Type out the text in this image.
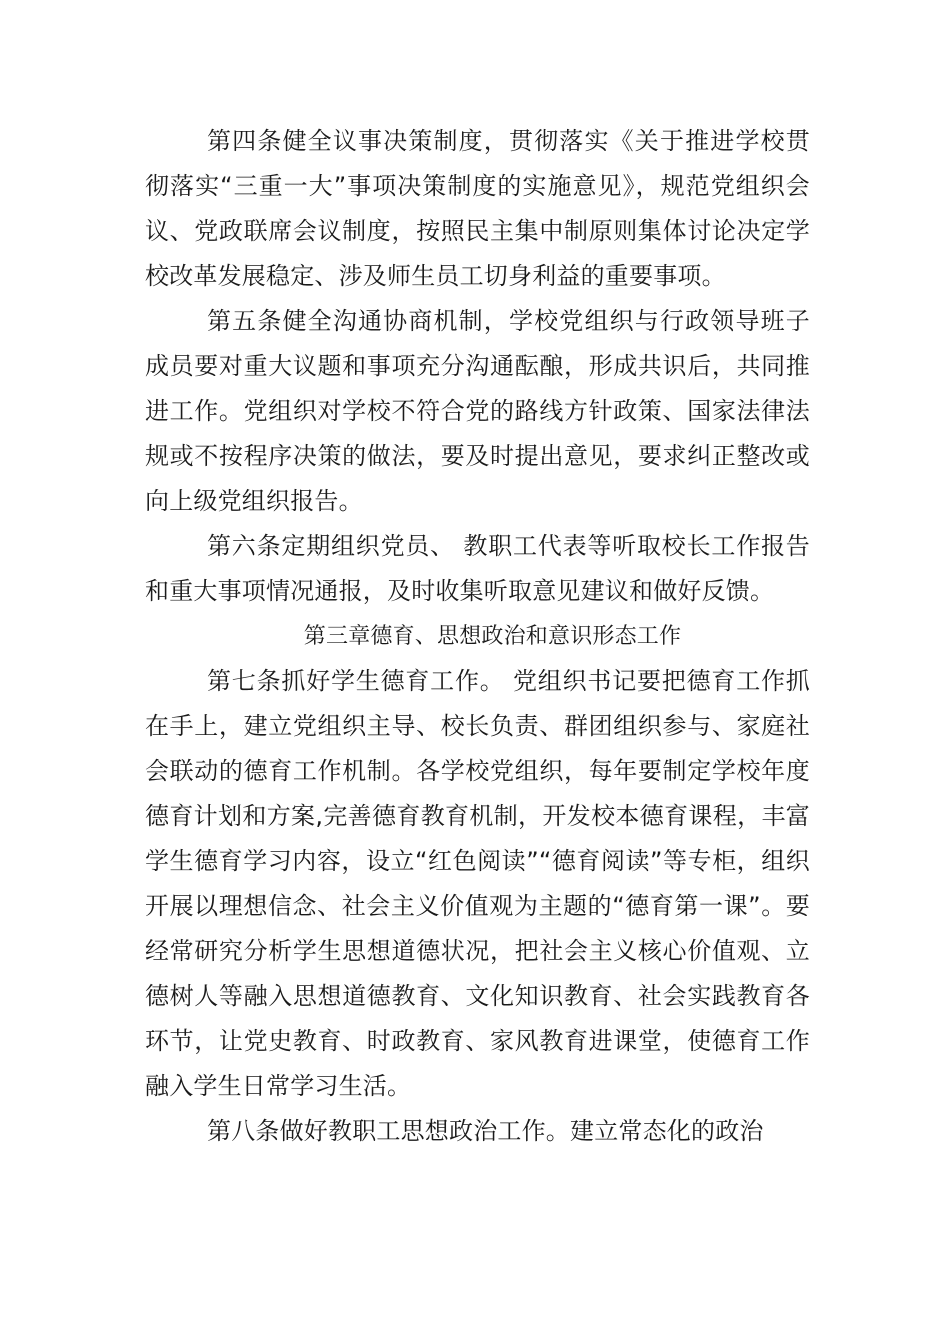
第四条健全议事决策制度，贯彻落实《关于推进学校贯彻落实“三重一大”事项决策制度的实施意见》，规范党组织会议、党政联席会议制度，按照民主集中制原则集体讨论决定学校改革发展稳定、涉及师生员工切身利益的重要事项。

第五条健全沟通协商机制，学校党组织与行政领导班子成员要对重大议题和事项充分沟通酝酿，形成共识后，共同推进工作。党组织对学校不符合党的路线方针政策、国家法律法规或不按程序决策的做法，要及时提出意见，要求纠正整改或向上级党组织报告。

第六条定期组织党员、 教职工代表等听取校长工作报告和重大事项情况通报，及时收集听取意见建议和做好反馈。

第三章德育、思想政治和意识形态工作

第七条抓好学生德育工作。 党组织书记要把德育工作抓在手上，建立党组织主导、校长负责、群团组织参与、家庭社会联动的德育工作机制。各学校党组织，每年要制定学校年度德育计划和方案,完善德育教育机制，开发校本德育课程，丰富学生德育学习内容，设立“红色阅读”“德育阅读”等专柜，组织开展以理想信念、社会主义价值观为主题的“德育第一课”。要经常研究分析学生思想道德状况，把社会主义核心价值观、立德树人等融入思想道德教育、文化知识教育、社会实践教育各环节，让党史教育、时政教育、家风教育进课堂，使德育工作融入学生日常学习生活。

第八条做好教职工思想政治工作。建立常态化的政治
